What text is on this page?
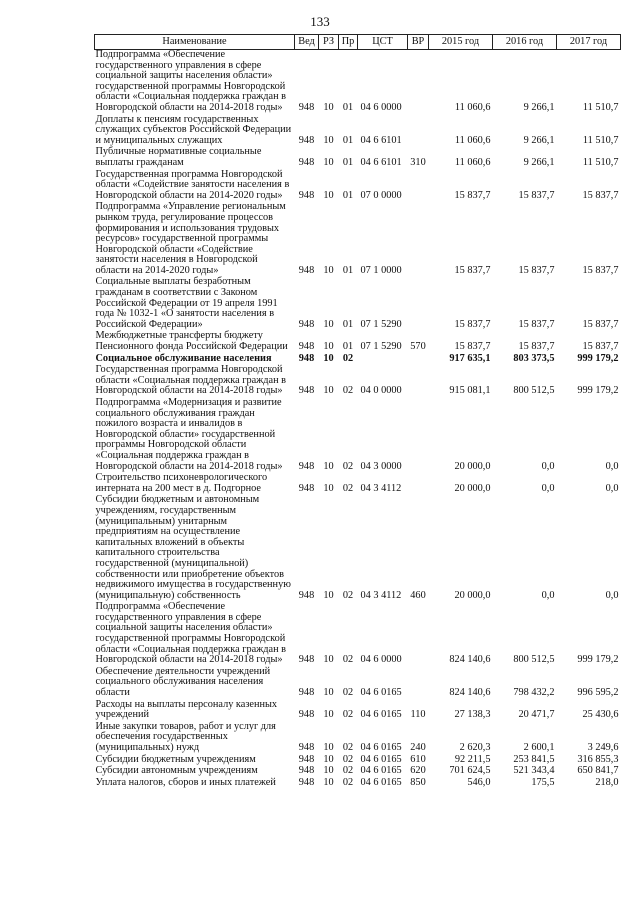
133
Наименование	Вед	РЗ	Пр	ЦСТ	ВР	2015 год	2016 год	2017 год
Подпрограмма «Обеспечение государственного управления в сфере социальной защиты населения области» государственной программы Новгородской области «Социальная поддержка граждан в Новгородской области на 2014-2018 годы»	948	10	01	04 6 0000		11 060,6	9 266,1	11 510,7
Доплаты к пенсиям государственных служащих субъектов Российской Федерации и муниципальных служащих	948	10	01	04 6 6101		11 060,6	9 266,1	11 510,7
Публичные нормативные социальные выплаты гражданам	948	10	01	04 6 6101	310	11 060,6	9 266,1	11 510,7
Государственная программа Новгородской области «Содействие занятости населения в Новгородской области на 2014-2020 годы»	948	10	01	07 0 0000		15 837,7	15 837,7	15 837,7
Подпрограмма «Управление региональным рынком труда, регулирование процессов формирования и использования трудовых ресурсов» государственной программы Новгородской области «Содействие занятости населения в Новгородской области на 2014-2020 годы»	948	10	01	07 1 0000		15 837,7	15 837,7	15 837,7
Социальные выплаты безработным гражданам в соответствии с Законом Российской Федерации от 19 апреля 1991 года № 1032-1 «О занятости населения в Российской Федерации»	948	10	01	07 1 5290		15 837,7	15 837,7	15 837,7
Межбюджетные трансферты бюджету Пенсионного фонда Российской Федерации	948	10	01	07 1 5290	570	15 837,7	15 837,7	15 837,7
Социальное обслуживание населения	948	10	02			917 635,1	803 373,5	999 179,2
Государственная программа Новгородской области «Социальная поддержка граждан в Новгородской области на 2014-2018 годы»	948	10	02	04 0 0000		915 081,1	800 512,5	999 179,2
Подпрограмма «Модернизация и развитие социального обслуживания граждан пожилого возраста и инвалидов в Новгородской области» государственной программы Новгородской области «Социальная поддержка граждан в Новгородской области на 2014-2018 годы»	948	10	02	04 3 0000		20 000,0	0,0	0,0
Строительство психоневрологического интерната на 200 мест в д. Подгорное	948	10	02	04 3 4112		20 000,0	0,0	0,0
Субсидии бюджетным и автономным учреждениям, государственным (муниципальным) унитарным предприятиям на осуществление капитальных вложений в объекты капитального строительства государственной (муниципальной) собственности или приобретение объектов недвижимого имущества в государственную (муниципальную) собственность	948	10	02	04 3 4112	460	20 000,0	0,0	0,0
Подпрограмма «Обеспечение государственного управления в сфере социальной защиты населения области» государственной программы Новгородской области «Социальная поддержка граждан в Новгородской области на 2014-2018 годы»	948	10	02	04 6 0000		824 140,6	800 512,5	999 179,2
Обеспечение деятельности учреждений социального обслуживания населения области	948	10	02	04 6 0165		824 140,6	798 432,2	996 595,2
Расходы на выплаты персоналу казенных учреждений	948	10	02	04 6 0165	110	27 138,3	20 471,7	25 430,6
Иные закупки товаров, работ и услуг для обеспечения государственных (муниципальных) нужд	948	10	02	04 6 0165	240	2 620,3	2 600,1	3 249,6
Субсидии бюджетным учреждениям	948	10	02	04 6 0165	610	92 211,5	253 841,5	316 855,3
Субсидии автономным учреждениям	948	10	02	04 6 0165	620	701 624,5	521 343,4	650 841,7
Уплата налогов, сборов и иных платежей	948	10	02	04 6 0165	850	546,0	175,5	218,0
